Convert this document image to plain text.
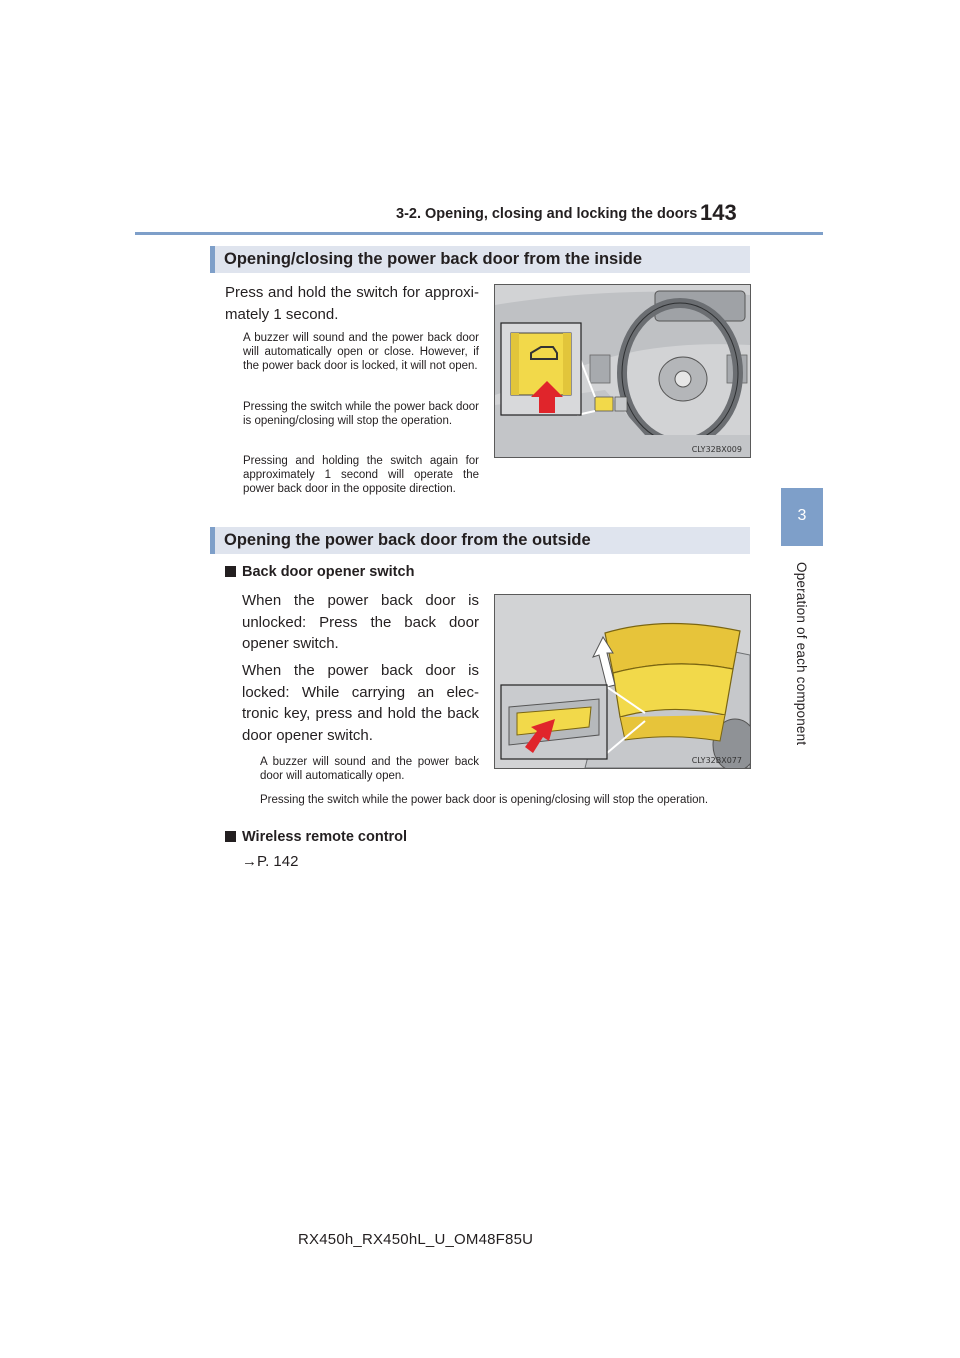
3-2. Opening, closing and locking the doors 143
3
Operation of each component
Opening/closing the power back door from the inside
Press and hold the switch for approxi-mately 1 second.
A buzzer will sound and the power back door will automatically open or close. However, if the power back door is locked, it will not open.
Pressing the switch while the power back door is opening/closing will stop the operation.
Pressing and holding the switch again for approximately 1 second will operate the power back door in the opposite direction.
CLY32BX009
Opening the power back door from the outside
Back door opener switch
When the power back door is unlocked: Press the back door opener switch.
When the power back door is locked: While carrying an elec-tronic key, press and hold the back door opener switch.
A buzzer will sound and the power back door will automatically open.
Pressing the switch while the power back door is opening/closing will stop the operation.
CLY32BX077
Wireless remote control
→P. 142
RX450h_RX450hL_U_OM48F85U
